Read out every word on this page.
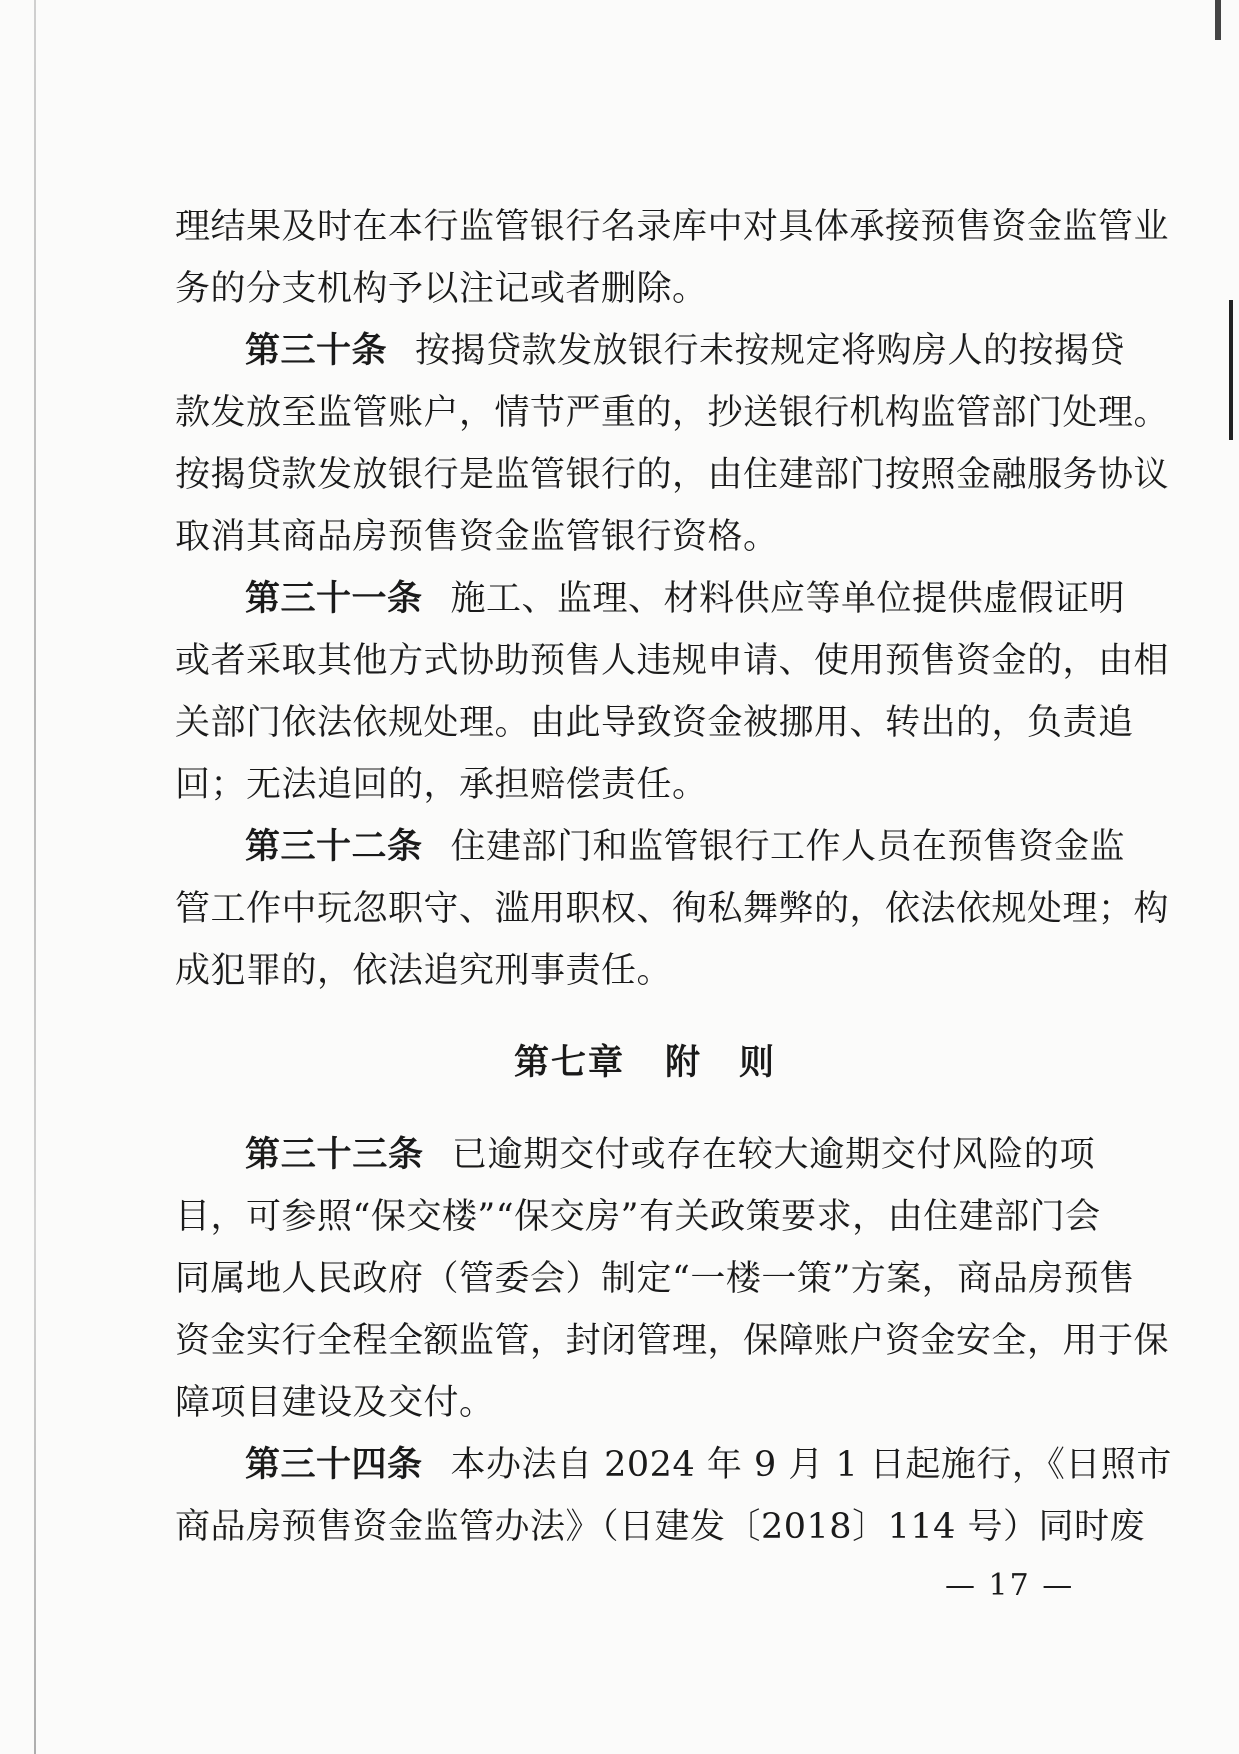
理结果及时在本行监管银行名录库中对具体承接预售资金监管业
务的分支机构予以注记或者删除。
第三十条 按揭贷款发放银行未按规定将购房人的按揭贷
款发放至监管账户，情节严重的，抄送银行机构监管部门处理。
按揭贷款发放银行是监管银行的，由住建部门按照金融服务协议
取消其商品房预售资金监管银行资格。
第三十一条 施工、监理、材料供应等单位提供虚假证明
或者采取其他方式协助预售人违规申请、使用预售资金的，由相
关部门依法依规处理。由此导致资金被挪用、转出的，负责追
回；无法追回的，承担赔偿责任。
第三十二条 住建部门和监管银行工作人员在预售资金监
管工作中玩忽职守、滥用职权、徇私舞弊的，依法依规处理；构
成犯罪的，依法追究刑事责任。
第七章 附　则
第三十三条 已逾期交付或存在较大逾期交付风险的项
目，可参照“保交楼”“保交房”有关政策要求，由住建部门会
同属地人民政府（管委会）制定“一楼一策”方案，商品房预售
资金实行全程全额监管，封闭管理，保障账户资金安全，用于保
障项目建设及交付。
第三十四条 本办法自 2024 年 9 月 1 日起施行，《日照市
商品房预售资金监管办法》（日建发〔2018〕114 号）同时废
— 17 —
